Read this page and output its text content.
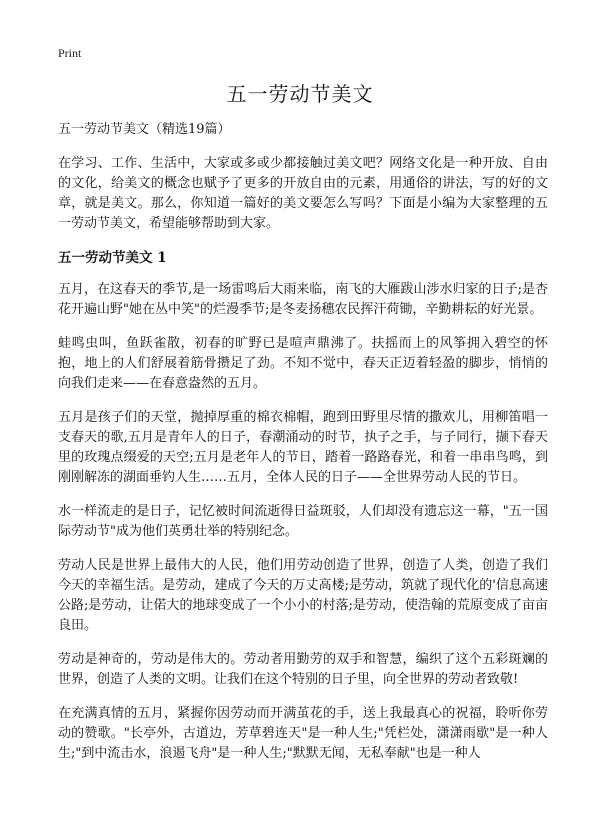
Print
五一劳动节美文

五一劳动节美文（精选19篇）

在学习、工作、生活中，大家或多或少都接触过美文吧？网络文化是一种开放、自由的文化，给美文的概念也赋予了更多的开放自由的元素，用通俗的讲法，写的好的文章，就是美文。那么，你知道一篇好的美文要怎么写吗？下面是小编为大家整理的五一劳动节美文，希望能够帮助到大家。

五一劳动节美文 1

五月，在这春天的季节,是一场雷鸣后大雨来临，南飞的大雁跋山涉水归家的日子;是杏花开遍山野"她在丛中笑"的烂漫季节;是冬麦扬穗农民挥汗荷锄，辛勤耕耘的好光景。

蛙鸣虫叫，鱼跃雀散，初春的旷野已是喧声鼎沸了。扶摇而上的风筝拥入碧空的怀抱，地上的人们舒展着筋骨攒足了劲。不知不觉中，春天正迈着轻盈的脚步，悄悄的向我们走来——在春意盎然的五月。

五月是孩子们的天堂，抛掉厚重的棉衣棉帽，跑到田野里尽情的撒欢儿，用柳笛唱一支春天的歌,五月是青年人的日子，春潮涌动的时节，执子之手，与子同行，撷下春天里的玫瑰点缀爱的天空;五月是老年人的节日，踏着一路路春光，和着一串串鸟鸣，到刚刚解冻的湖面垂钓人生……五月，全体人民的日子——全世界劳动人民的节日。

水一样流走的是日子，记忆被时间流逝得日益斑驳，人们却没有遗忘这一幕，"五一国际劳动节"成为他们英勇壮举的特别纪念。

劳动人民是世界上最伟大的人民，他们用劳动创造了世界，创造了人类，创造了我们今天的幸福生活。是劳动，建成了今天的万丈高楼;是劳动，筑就了现代化的'信息高速公路;是劳动，让偌大的地球变成了一个小小的村落;是劳动，使浩翰的荒原变成了亩亩良田。

劳动是神奇的，劳动是伟大的。劳动者用勤劳的双手和智慧，编织了这个五彩斑斓的世界，创造了人类的文明。让我们在这个特别的日子里，向全世界的劳动者致敬!

在充满真情的五月，紧握你因劳动而开满茧花的手，送上我最真心的祝福，聆听你劳动的赞歌。"长亭外，古道边，芳草碧连天"是一种人生;"凭栏处，潇潇雨歇"是一种人生;"到中流击水，浪遏飞舟"是一种人生;"默默无闻，无私奉献"也是一种人
